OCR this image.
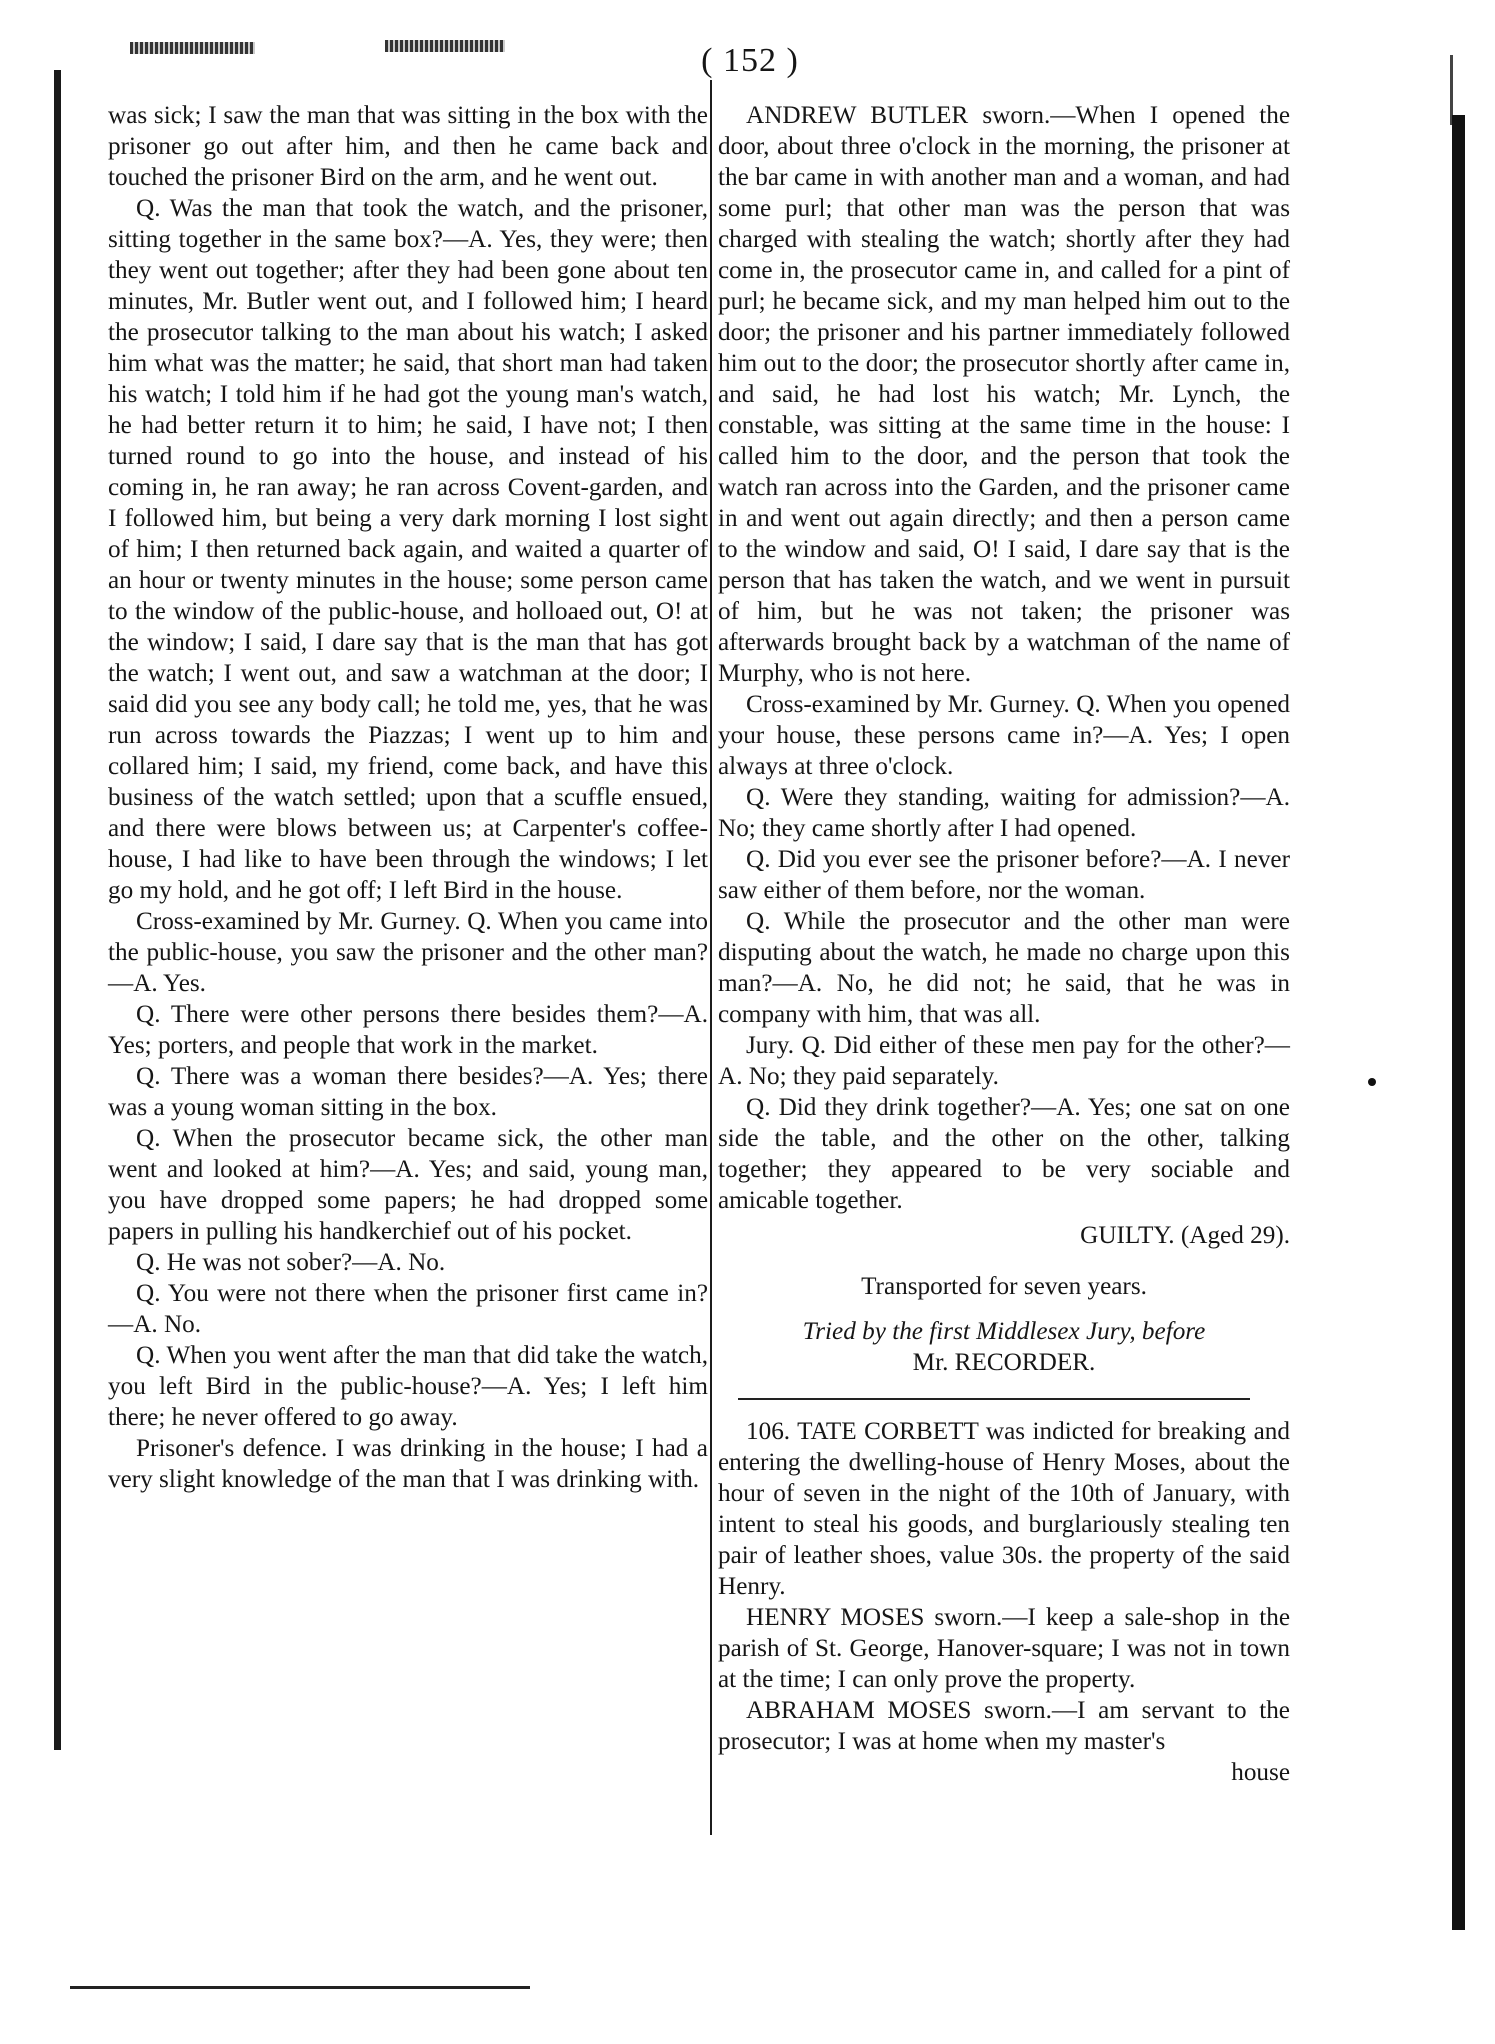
( 152 )

was sick; I saw the man that was sitting in the box with the prisoner go out after him, and then he came back and touched the prisoner Bird on the arm, and he went out.

Q. Was the man that took the watch, and the prisoner, sitting together in the same box?—A. Yes, they were; then they went out together; after they had been gone about ten minutes, Mr. Butler went out, and I followed him; I heard the prosecutor talking to the man about his watch; I asked him what was the matter; he said, that short man had taken his watch; I told him if he had got the young man's watch, he had better return it to him; he said, I have not; I then turned round to go into the house, and instead of his coming in, he ran away; he ran across Covent-garden, and I followed him, but being a very dark morning I lost sight of him; I then returned back again, and waited a quarter of an hour or twenty minutes in the house; some person came to the window of the public-house, and holloaed out, O! at the window; I said, I dare say that is the man that has got the watch; I went out, and saw a watchman at the door; I said did you see any body call; he told me, yes, that he was run across towards the Piazzas; I went up to him and collared him; I said, my friend, come back, and have this business of the watch settled; upon that a scuffle ensued, and there were blows between us; at Carpenter's coffee-house, I had like to have been through the windows; I let go my hold, and he got off; I left Bird in the house.

Cross-examined by Mr. Gurney. Q. When you came into the public-house, you saw the prisoner and the other man?—A. Yes.

Q. There were other persons there besides them?—A. Yes; porters, and people that work in the market.

Q. There was a woman there besides?—A. Yes; there was a young woman sitting in the box.

Q. When the prosecutor became sick, the other man went and looked at him?—A. Yes; and said, young man, you have dropped some papers; he had dropped some papers in pulling his handkerchief out of his pocket.

Q. He was not sober?—A. No.

Q. You were not there when the prisoner first came in?—A. No.

Q. When you went after the man that did take the watch, you left Bird in the public-house?—A. Yes; I left him there; he never offered to go away.

Prisoner's defence. I was drinking in the house; I had a very slight knowledge of the man that I was drinking with.

ANDREW BUTLER sworn.—When I opened the door, about three o'clock in the morning, the prisoner at the bar came in with another man and a woman, and had some purl; that other man was the person that was charged with stealing the watch; shortly after they had come in, the prosecutor came in, and called for a pint of purl; he became sick, and my man helped him out to the door; the prisoner and his partner immediately followed him out to the door; the prosecutor shortly after came in, and said, he had lost his watch; Mr. Lynch, the constable, was sitting at the same time in the house: I called him to the door, and the person that took the watch ran across into the Garden, and the prisoner came in and went out again directly; and then a person came to the window and said, O! I said, I dare say that is the person that has taken the watch, and we went in pursuit of him, but he was not taken; the prisoner was afterwards brought back by a watchman of the name of Murphy, who is not here.

Cross-examined by Mr. Gurney. Q. When you opened your house, these persons came in?—A. Yes; I open always at three o'clock.

Q. Were they standing, waiting for admission?—A. No; they came shortly after I had opened.

Q. Did you ever see the prisoner before?—A. I never saw either of them before, nor the woman.

Q. While the prosecutor and the other man were disputing about the watch, he made no charge upon this man?—A. No, he did not; he said, that he was in company with him, that was all.

Jury. Q. Did either of these men pay for the other?—A. No; they paid separately.

Q. Did they drink together?—A. Yes; one sat on one side the table, and the other on the other, talking together; they appeared to be very sociable and amicable together.

GUILTY. (Aged 29).

Transported for seven years.

Tried by the first Middlesex Jury, before

Mr. RECORDER.

106. TATE CORBETT was indicted for breaking and entering the dwelling-house of Henry Moses, about the hour of seven in the night of the 10th of January, with intent to steal his goods, and burglariously stealing ten pair of leather shoes, value 30s. the property of the said Henry.

HENRY MOSES sworn.—I keep a sale-shop in the parish of St. George, Hanover-square; I was not in town at the time; I can only prove the property.

ABRAHAM MOSES sworn.—I am servant to the prosecutor; I was at home when my master's

house
